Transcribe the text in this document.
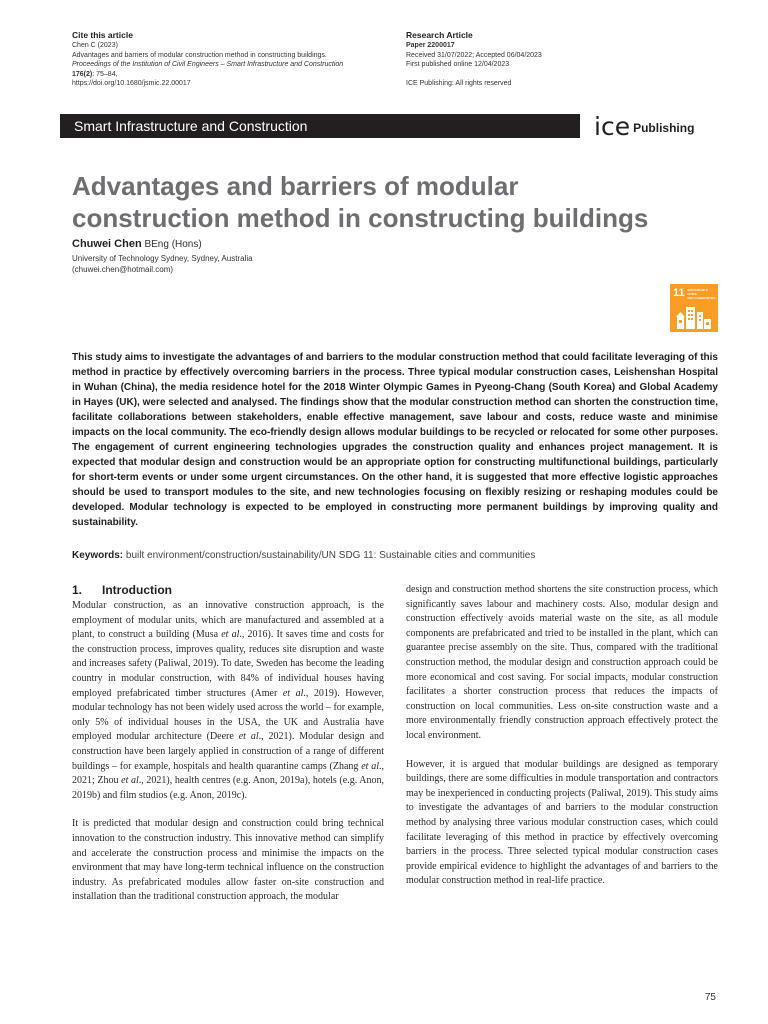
Cite this article
Chen C (2023)
Advantages and barriers of modular construction method in constructing buildings.
Proceedings of the Institution of Civil Engineers – Smart Infrastructure and Construction
176(2): 75–84,
https://doi.org/10.1680/jsmic.22.00017
Research Article
Paper 2200017
Received 31/07/2022; Accepted 06/04/2023
First published online 12/04/2023
ICE Publishing: All rights reserved
Smart Infrastructure and Construction	ice Publishing
Advantages and barriers of modular
construction method in constructing buildings
Chuwei Chen BEng (Hons)
University of Technology Sydney, Sydney, Australia
(chuwei.chen@hotmail.com)
11 SUSTAINABLE CITIES
AND COMMUNITIES
This study aims to investigate the advantages of and barriers to the modular construction method that could facilitate leveraging of this method in practice by effectively overcoming barriers in the process. Three typical modular construction cases, Leishenshan Hospital in Wuhan (China), the media residence hotel for the 2018 Winter Olympic Games in Pyeong-Chang (South Korea) and Global Academy in Hayes (UK), were selected and analysed. The findings show that the modular construction method can shorten the construction time, facilitate collaborations between stakeholders, enable effective management, save labour and costs, reduce waste and minimise impacts on the local community. The eco-friendly design allows modular buildings to be recycled or relocated for some other purposes. The engagement of current engineering technologies upgrades the construction quality and enhances project management. It is expected that modular design and construction would be an appropriate option for constructing multifunctional buildings, particularly for short-term events or under some urgent circumstances. On the other hand, it is suggested that more effective logistic approaches should be used to transport modules to the site, and new technologies focusing on flexibly resizing or reshaping modules could be developed. Modular technology is expected to be employed in constructing more permanent buildings by improving quality and sustainability.
Keywords: built environment/construction/sustainability/UN SDG 11: Sustainable cities and communities
1. Introduction

Modular construction, as an innovative construction approach, is the employment of modular units, which are manufactured and assembled at a plant, to construct a building (Musa et al., 2016). It saves time and costs for the construction process, improves quality, reduces site disruption and waste and increases safety (Paliwal, 2019). To date, Sweden has become the leading country in modular construction, with 84% of individual houses having employed prefabricated timber structures (Amer et al., 2019). However, modular technology has not been widely used across the world – for example, only 5% of individual houses in the USA, the UK and Australia have employed modular architecture (Deere et al., 2021). Modular design and construction have been largely applied in construction of a range of different buildings – for example, hospitals and health quarantine camps (Zhang et al., 2021; Zhou et al., 2021), health centres (e.g. Anon, 2019a), hotels (e.g. Anon, 2019b) and film studios (e.g. Anon, 2019c).

It is predicted that modular design and construction could bring technical innovation to the construction industry. This innovative method can simplify and accelerate the construction process and minimise the impacts on the environment that may have long-term technical influence on the construction industry. As prefabricated modules allow faster on-site construction and installation than the traditional construction approach, the modular

design and construction method shortens the site construction process, which significantly saves labour and machinery costs. Also, modular design and construction effectively avoids material waste on the site, as all module components are prefabricated and tried to be installed in the plant, which can guarantee precise assembly on the site. Thus, compared with the traditional construction method, the modular design and construction approach could be more economical and cost saving. For social impacts, modular construction facilitates a shorter construction process that reduces the impacts of construction on local communities. Less on-site construction waste and a more environmentally friendly construction approach effectively protect the local environment.

However, it is argued that modular buildings are designed as temporary buildings, there are some difficulties in module transportation and contractors may be inexperienced in conducting projects (Paliwal, 2019). This study aims to investigate the advantages of and barriers to the modular construction method by analysing three various modular construction cases, which could facilitate leveraging of this method in practice by effectively overcoming barriers in the process. Three selected typical modular construction cases provide empirical evidence to highlight the advantages of and barriers to the modular construction method in real-life practice.

75
